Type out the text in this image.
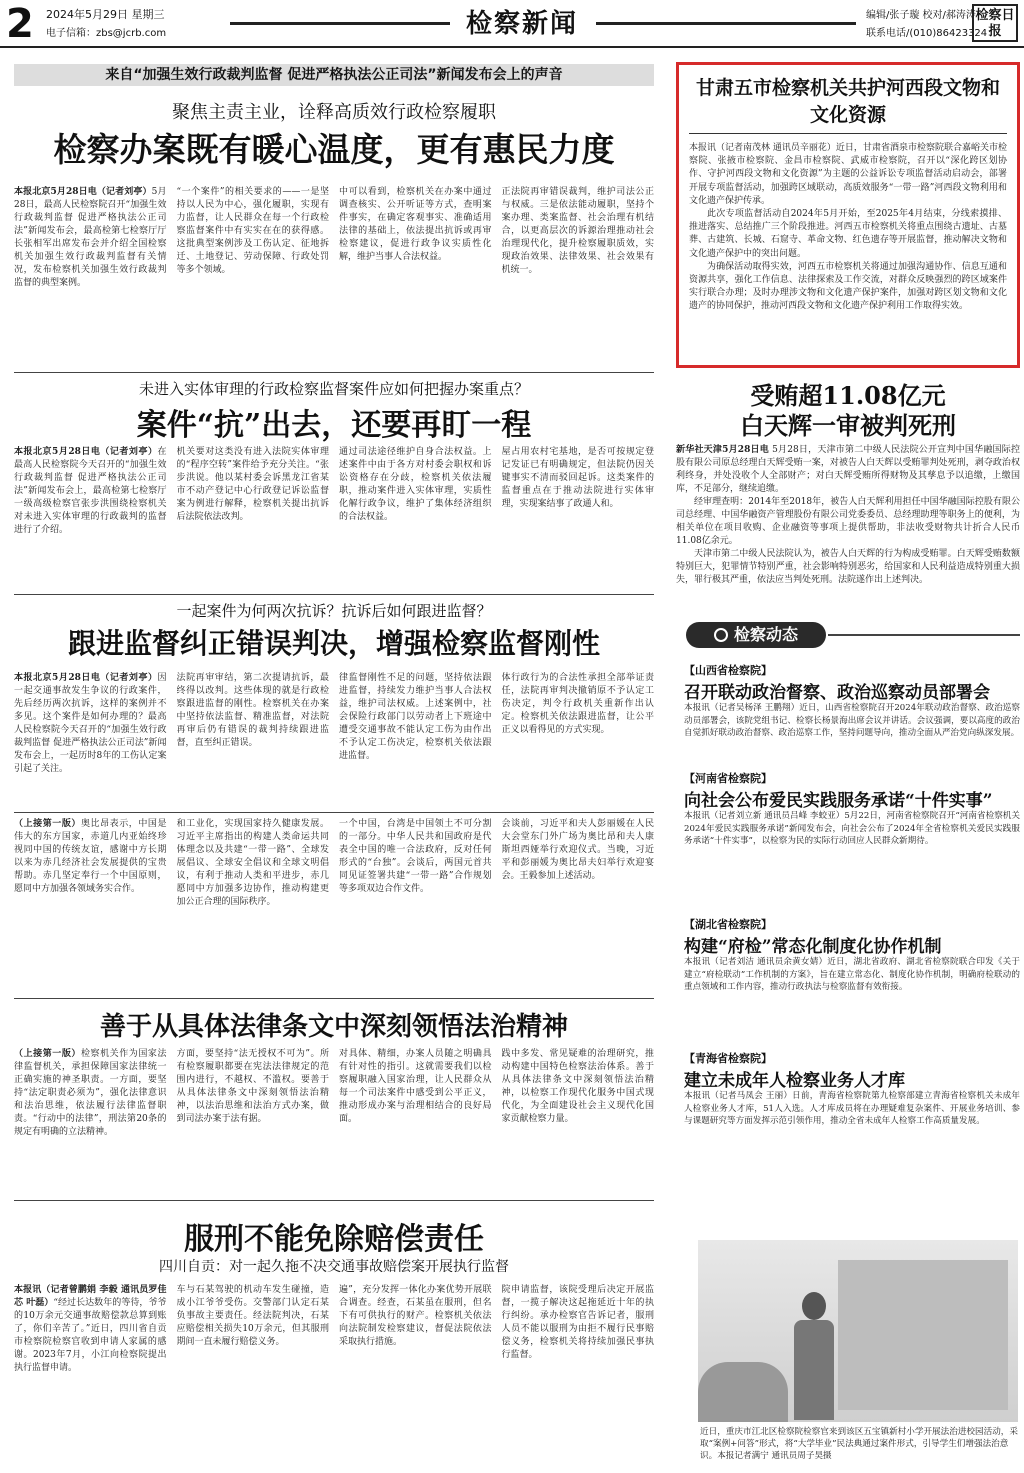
2 2024年5月29日 星期三
电子信箱：zbs@jcrb.com	检察新闻	编辑/张子璇 校对/郝涛涛
联系电话/(010)86423324
检察日报
来自“加强生效行政裁判监督 促进严格执法公正司法”新闻发布会上的声音
聚焦主责主业，诠释高质效行政检察履职
检察办案既有暖心温度，更有惠民力度
本报北京5月28日电（记者刘亭）5月28日，最高人民检察院召开“加强生效行政裁判监督 促进严格执法公正司法”新闻发布会，最高检第七检察厅厅长张相军出席发布会并介绍全国检察机关加强生效行政裁判监督有关情况，发布检察机关加强生效行政裁判监督的典型案例。
“一个案件”的相关要求的——一是坚持以人民为中心，强化履职，实现有力监督，让人民群众在每一个行政检察监督案件中有实实在在的获得感。这批典型案例涉及工伤认定、征地拆迁、土地登记、劳动保障、行政处罚等多个领域。
中可以看到，检察机关在办案中通过调查核实、公开听证等方式，查明案件事实，在确定客观事实、准确适用法律的基础上，依法提出抗诉或再审检察建议，促进行政争议实质性化解，维护当事人合法权益。
正法院再审错误裁判，维护司法公正与权威。三是依法能动履职，坚持个案办理、类案监督、社会治理有机结合，以更高层次的诉源治理推动社会治理现代化，提升检察履职质效，实现政治效果、法律效果、社会效果有机统一。
未进入实体审理的行政检察监督案件应如何把握办案重点？
案件“抗”出去，还要再盯一程
本报北京5月28日电（记者刘亭）在最高人民检察院今天召开的“加强生效行政裁判监督 促进严格执法公正司法”新闻发布会上，最高检第七检察厅一级高级检察官张步洪围绕检察机关对未进入实体审理的行政裁判的监督进行了介绍。
机关要对这类没有进入法院实体审理的“程序空转”案件给予充分关注。“张步洪说。他以某村委会诉黑龙江省某市不动产登记中心行政登记诉讼监督案为例进行解释，检察机关提出抗诉后法院依法改判。
通过司法途径维护自身合法权益。上述案件中由于各方对村委会职权和诉讼资格存在分歧，检察机关依法履职，推动案件进入实体审理，实质性化解行政争议，维护了集体经济组织的合法权益。
屋占用农村宅基地，是否可按规定登记发证已有明确规定，但法院仍因关键事实不清而驳回起诉。这类案件的监督重点在于推动法院进行实体审理，实现案结事了政通人和。
一起案件为何两次抗诉？抗诉后如何跟进监督？
跟进监督纠正错误判决，增强检察监督刚性
本报北京5月28日电（记者刘亭）因一起交通事故发生争议的行政案件，先后经历两次抗诉，这样的案例并不多见。这个案件是如何办理的？最高人民检察院今天召开的“加强生效行政裁判监督 促进严格执法公正司法”新闻发布会上，一起历时8年的工伤认定案引起了关注。
法院再审审结，第二次提请抗诉，最终得以改判。这些体现的就是行政检察跟进监督的刚性。检察机关在办案中坚持依法监督、精准监督，对法院再审后仍有错误的裁判持续跟进监督，直至纠正错误。
律监督刚性不足的问题，坚持依法跟进监督，持续发力维护当事人合法权益，维护司法权威。上述案例中，社会保险行政部门以劳动者上下班途中遭受交通事故不能认定工伤为由作出不予认定工伤决定，检察机关依法跟进监督。
体行政行为的合法性承担全部举证责任，法院再审判决撤销原不予认定工伤决定，判令行政机关重新作出认定。检察机关依法跟进监督，让公平正义以看得见的方式实现。
（上接第一版）奥比昂表示，中国是伟大的东方国家，赤道几内亚始终珍视同中国的传统友谊，感谢中方长期以来为赤几经济社会发展提供的宝贵帮助。赤几坚定奉行一个中国原则，愿同中方加强各领域务实合作。
和工业化，实现国家持久健康发展。习近平主席指出的构建人类命运共同体理念以及共建“一带一路”、全球发展倡议、全球安全倡议和全球文明倡议，有利于推动人类和平进步，赤几愿同中方加强多边协作，推动构建更加公正合理的国际秩序。
一个中国，台湾是中国领土不可分割的一部分。中华人民共和国政府是代表全中国的唯一合法政府，反对任何形式的“台独”。会谈后，两国元首共同见证签署共建“一带一路”合作规划等多项双边合作文件。
会谈前，习近平和夫人彭丽媛在人民大会堂东门外广场为奥比昂和夫人康斯坦西娅举行欢迎仪式。当晚，习近平和彭丽媛为奥比昂夫妇举行欢迎宴会。王毅参加上述活动。
善于从具体法律条文中深刻领悟法治精神
（上接第一版）检察机关作为国家法律监督机关，承担保障国家法律统一正确实施的神圣职责。一方面，要坚持“法定职责必须为”，强化法律意识和法治思维，依法履行法律监督职责。“行动中的法律”，刑法第20条的规定有明确的立法精神。
方面，要坚持“法无授权不可为”。所有检察履职都要在宪法法律规定的范围内进行，不越权、不滥权。要善于从具体法律条文中深刻领悟法治精神，以法治思维和法治方式办案，做到司法办案于法有据。
对具体、精细，办案人员随之明确具有针对性的指引。这就需要我们以检察履职融入国家治理，让人民群众从每一个司法案件中感受到公平正义，推动形成办案与治理相结合的良好局面。
践中多发、常见疑难的治理研究，推动构建中国特色检察法治体系。善于从具体法律条文中深刻领悟法治精神，以检察工作现代化服务中国式现代化，为全面建设社会主义现代化国家贡献检察力量。
服刑不能免除赔偿责任
四川自贡：对一起久拖不决交通事故赔偿案开展执行监督
本报讯（记者曾鹏娟 李毅 通讯员罗佳芯 叶磊）“经过长达数年的等待，爷爷的10万余元交通事故赔偿款总算到账了，你们辛苦了。”近日，四川省自贡市检察院检察官收到申请人家属的感谢。2023年7月，小江向检察院提出执行监督申请。
车与石某驾驶的机动车发生碰撞，造成小江爷爷受伤。交警部门认定石某负事故主要责任。经法院判决，石某应赔偿相关损失10万余元，但其服刑期间一直未履行赔偿义务。
遍”，充分发挥一体化办案优势开展联合调查。经查，石某虽在服刑，但名下有可供执行的财产。检察机关依法向法院制发检察建议，督促法院依法采取执行措施。
院申请监督，该院受理后决定开展监督，一揽子解决这起拖延近十年的执行纠纷。承办检察官告诉记者，服刑人员不能以服刑为由拒不履行民事赔偿义务，检察机关将持续加强民事执行监督。
甘肃五市检察机关共护河西段文物和文化资源

本报讯（记者南茂林 通讯员辛丽花）近日，甘肃省酒泉市检察院联合嘉峪关市检察院、张掖市检察院、金昌市检察院、武威市检察院，召开以“深化跨区划协作、守护河西段文物和文化资源”为主题的公益诉讼专项监督活动启动会，部署开展专项监督活动，加强跨区域联动，高质效服务“一带一路”河西段文物利用和文化遗产保护传承。

此次专项监督活动自2024年5月开始，至2025年4月结束，分线索摸排、推进落实、总结推广三个阶段推进。河西五市检察机关将重点围绕古遗址、古墓葬、古建筑、长城、石窟寺、革命文物、红色遗存等开展监督，推动解决文物和文化遗产保护中的突出问题。

为确保活动取得实效，河西五市检察机关将通过加强沟通协作、信息互通和资源共享，强化工作信息、法律探索及工作交流，对群众反映强烈的跨区域案件实行联合办理；及时办理涉文物和文化遗产保护案件，加强对跨区划文物和文化遗产的协同保护，推动河西段文物和文化遗产保护利用工作取得实效。

受贿超11.08亿元
白天辉一审被判死刑

新华社天津5月28日电 5月28日，天津市第二中级人民法院公开宣判中国华融国际控股有限公司原总经理白天辉受贿一案，对被告人白天辉以受贿罪判处死刑，剥夺政治权利终身，并处没收个人全部财产；对白天辉受贿所得财物及其孳息予以追缴，上缴国库，不足部分，继续追缴。

经审理查明：2014年至2018年，被告人白天辉利用担任中国华融国际控股有限公司总经理、中国华融资产管理股份有限公司党委委员、总经理助理等职务上的便利，为相关单位在项目收购、企业融资等事项上提供帮助，非法收受财物共计折合人民币11.08亿余元。

天津市第二中级人民法院认为，被告人白天辉的行为构成受贿罪。白天辉受贿数额特别巨大，犯罪情节特别严重，社会影响特别恶劣，给国家和人民利益造成特别重大损失，罪行极其严重，依法应当判处死刑。法院遂作出上述判决。

检察动态
【山西省检察院】
召开联动政治督察、政治巡察动员部署会
本报讯（记者吴杨泽 王鹏翔）近日，山西省检察院召开2024年联动政治督察、政治巡察动员部署会，该院党组书记、检察长杨景海出席会议并讲话。会议强调，要以高度的政治自觉抓好联动政治督察、政治巡察工作，坚持问题导向，推动全面从严治党向纵深发展。
【河南省检察院】
向社会公布爱民实践服务承诺“十件实事”
本报讯（记者刘立新 通讯员吕峰 李蛟亚）5月22日，河南省检察院召开“河南省检察机关2024年爱民实践服务承诺”新闻发布会，向社会公布了2024年全省检察机关爱民实践服务承诺“十件实事”，以检察为民的实际行动回应人民群众新期待。
【湖北省检察院】
构建“府检”常态化制度化协作机制
本报讯（记者刘洁 通讯员余黄女婧）近日，湖北省政府、湖北省检察院联合印发《关于建立“府检联动”工作机制的方案》，旨在建立常态化、制度化协作机制，明确府检联动的重点领域和工作内容，推动行政执法与检察监督有效衔接。
【青海省检察院】
建立未成年人检察业务人才库
本报讯（记者马凤会 王丽）日前，青海省检察院第九检察部建立青海省检察机关未成年人检察业务人才库，51人入选。人才库成员将在办理疑难复杂案件、开展业务培训、参与课题研究等方面发挥示范引领作用，推动全省未成年人检察工作高质量发展。
近日，重庆市江北区检察院检察官来到该区五宝镇新村小学开展法治进校园活动，采取“案例+问答”形式，将“大学毕业”民法典通过案件形式，引导学生们增强法治意识。本报记者满宁 通讯员周子昊摄
